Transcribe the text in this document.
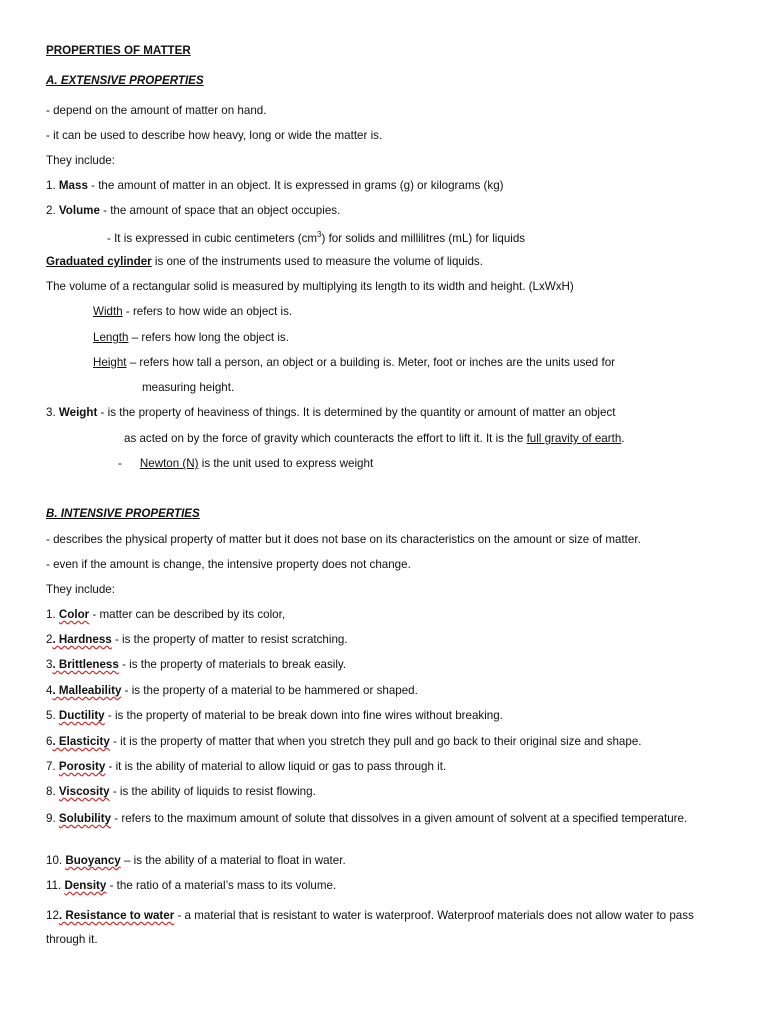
PROPERTIES OF MATTER
A. EXTENSIVE PROPERTIES
- depend on the amount of matter on hand.
- it can be used to describe how heavy, long or wide the matter is.
They include:
1. Mass - the amount of matter in an object. It is expressed in grams (g) or kilograms (kg)
2. Volume - the amount of space that an object occupies.
- It is expressed in cubic centimeters $(cm^3)$ for solids and millilitres (mL) for liquids
Graduated cylinder is one of the instruments used to measure the volume of liquids.
The volume of a rectangular solid is measured by multiplying its length to its width and height. (LxWxH)
Width - refers to how wide an object is.
Length – refers how long the object is.
Height – refers how tall a person, an object or a building is. Meter, foot or inches are the units used for
measuring height.
3. Weight - is the property of heaviness of things. It is determined by the quantity or amount of matter an object
as acted on by the force of gravity which counteracts the effort to lift it. It is the full gravity of earth.
- Newton (N) is the unit used to express weight
B. INTENSIVE PROPERTIES
- describes the physical property of matter but it does not base on its characteristics on the amount or size of matter.
- even if the amount is change, the intensive property does not change.
They include:
1. Color - matter can be described by its color,
2. Hardness - is the property of matter to resist scratching.
3. Brittleness - is the property of materials to break easily.
4. Malleability - is the property of a material to be hammered or shaped.
5. Ductility - is the property of material to be break down into fine wires without breaking.
6. Elasticity - it is the property of matter that when you stretch they pull and go back to their original size and shape.
7. Porosity - it is the ability of material to allow liquid or gas to pass through it.
8. Viscosity - is the ability of liquids to resist flowing.
9. Solubility - refers to the maximum amount of solute that dissolves in a given amount of solvent at a specified temperature.
10. Buoyancy – is the ability of a material to float in water.
11. Density - the ratio of a material’s mass to its volume.
12. Resistance to water - a material that is resistant to water is waterproof. Waterproof materials does not allow water to pass through it.
